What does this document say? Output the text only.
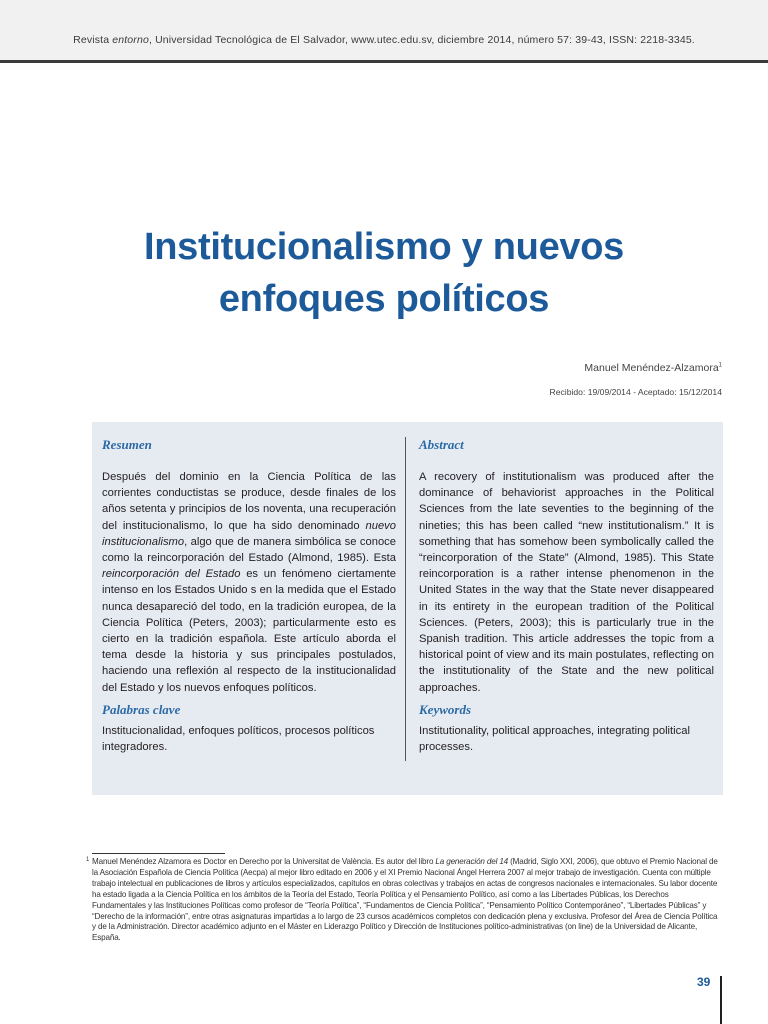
Revista entorno, Universidad Tecnológica de El Salvador, www.utec.edu.sv, diciembre 2014, número 57: 39-43, ISSN: 2218-3345.
Institucionalismo y nuevos
enfoques políticos
Manuel Menéndez-Alzamora$^1$
Recibido: 19/09/2014 - Aceptado: 15/12/2014
Resumen

Después del dominio en la Ciencia Política de las corrientes conductistas se produce, desde finales de los años setenta y principios de los noventa, una recuperación del institucionalismo, lo que ha sido denominado nuevo institucionalismo, algo que de manera simbólica se conoce como la reincorporación del Estado (Almond, 1985). Esta reincorporación del Estado es un fenómeno ciertamente intenso en los Estados Unido s en la medida que el Estado nunca desapareció del todo, en la tradición europea, de la Ciencia Política (Peters, 2003); particularmente esto es cierto en la tradición española. Este artículo aborda el tema desde la historia y sus principales postulados, haciendo una reflexión al respecto de la institucionalidad del Estado y los nuevos enfoques políticos.

Palabras clave
Institucionalidad, enfoques políticos, procesos políticos integradores.
Abstract

A recovery of institutionalism was produced after the dominance of behaviorist approaches in the Political Sciences from the late seventies to the beginning of the nineties; this has been called “new institutionalism.” It is something that has somehow been symbolically called the “reincorporation of the State” (Almond, 1985). This State reincorporation is a rather intense phenomenon in the United States in the way that the State never disappeared in its entirety in the european tradition of the Political Sciences. (Peters, 2003); this is particularly true in the Spanish tradition. This article addresses the topic from a historical point of view and its main postulates, reflecting on the institutionality of the State and the new political approaches.

Keywords
Institutionality, political approaches, integrating political processes.
1 Manuel Menéndez Alzamora es Doctor en Derecho por la Universitat de València. Es autor del libro La generación del 14 (Madrid, Siglo XXI, 2006), que obtuvo el Premio Nacional de la Asociación Española de Ciencia Política (Aecpa) al mejor libro editado en 2006 y el XI Premio Nacional Ángel Herrera 2007 al mejor trabajo de investigación. Cuenta con múltiple trabajo intelectual en publicaciones de libros y artículos especializados, capítulos en obras colectivas y trabajos en actas de congresos nacionales e internacionales. Su labor docente ha estado ligada a la Ciencia Política en los ámbitos de la Teoría del Estado, Teoría Política y el Pensamiento Político, así como a las Libertades Públicas, los Derechos Fundamentales y las Instituciones Políticas como profesor de “Teoría Política”, “Fundamentos de Ciencia Política”, “Pensamiento Político Contemporáneo”, “Libertades Públicas” y “Derecho de la información”, entre otras asignaturas impartidas a lo largo de 23 cursos académicos completos con dedicación plena y exclusiva. Profesor del Área de Ciencia Política y de la Administración. Director académico adjunto en el Máster en Liderazgo Político y Dirección de Instituciones político-administrativas (on line) de la Universidad de Alicante, España.
39
